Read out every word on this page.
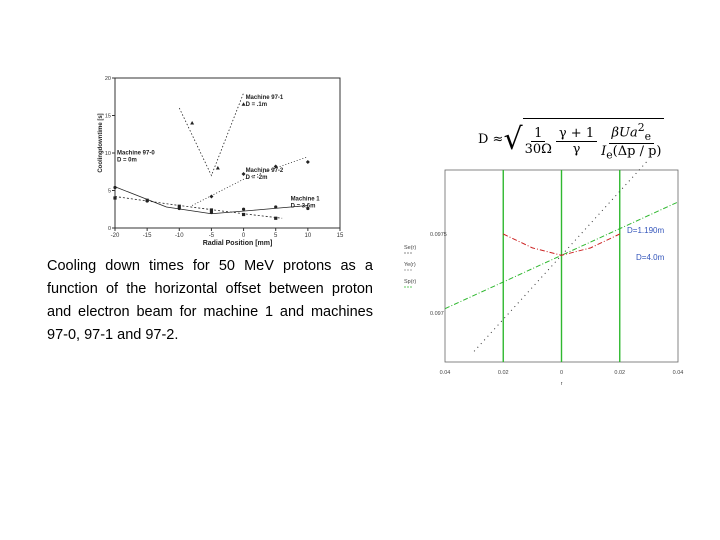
-20	-15	-10	-5	0	5	10	15
0
5
10
15
20
Radial Position [mm]
Coolingdowntime [s] Machine 97-0
D = 0m
Machine 97-1
D = .1m
Machine 97-2
D = -2m
Machine 1
D = 3.6m
0.04	0.02	0	0.02	0.04
r
0.0975
0.097
Se(r)
Ye(r)
Sp(r)
D=1.190m
D=4.0m
Cooling down times for 50 MeV protons as a function of the horizontal offset between proton and electron beam for machine 1 and machines 97-0, 97-1 and 97-2.
D ≈ √ $\frac{1}{30\Omega} \frac{\gamma + 1}{\gamma} \frac{\beta Ua^2_e}{I_e(\Delta p / p)}$
